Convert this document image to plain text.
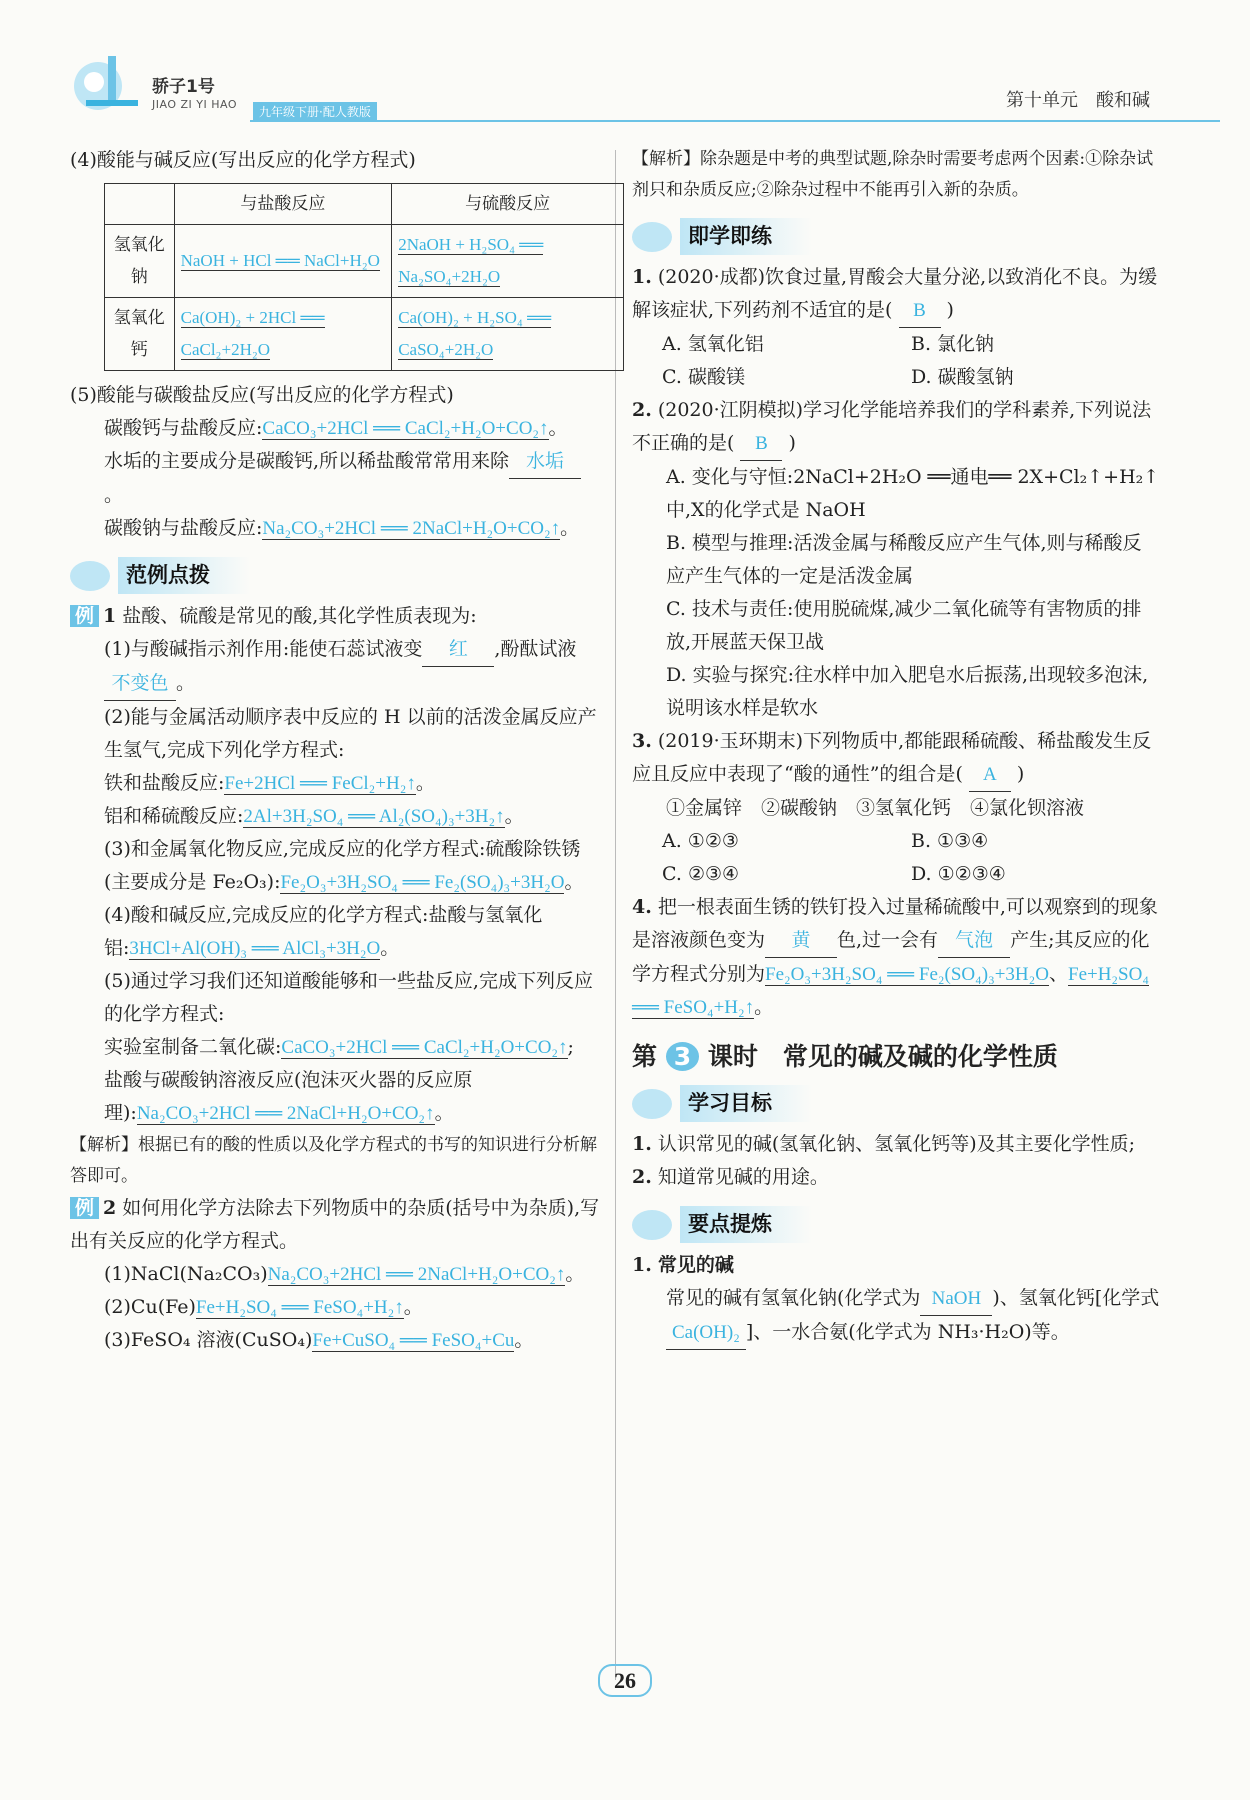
骄子1号
JIAO ZI YI HAO
九年级下册·配人教版
第十单元　酸和碱

(4)酸能与碱反应(写出反应的化学方程式)

	与盐酸反应	与硫酸反应
氢氧化钠	NaOH + HCl ══ NaCl+H₂O	2NaOH + H₂SO₄ ══ Na₂SO₄+2H₂O
氢氧化钙	Ca(OH)₂ + 2HCl ══ CaCl₂+2H₂O	Ca(OH)₂ + H₂SO₄ ══ CaSO₄+2H₂O

(5)酸能与碳酸盐反应(写出反应的化学方程式)

碳酸钙与盐酸反应:CaCO₃+2HCl ══ CaCl₂+H₂O+CO₂↑。

水垢的主要成分是碳酸钙,所以稀盐酸常常用来除 水垢。

碳酸钠与盐酸反应:Na₂CO₃+2HCl ══ 2NaCl+H₂O+CO₂↑。

范例点拨

例 1 盐酸、硫酸是常见的酸,其化学性质表现为:

(1)与酸碱指示剂作用:能使石蕊试液变 红 ,酚酞试液不变色 。

(2)能与金属活动顺序表中反应的 H 以前的活泼金属反应产生氢气,完成下列化学方程式:

铁和盐酸反应:Fe+2HCl ══ FeCl₂+H₂↑。

铝和稀硫酸反应:2Al+3H₂SO₄ ══ Al₂(SO₄)₃+3H₂↑。

(3)和金属氧化物反应,完成反应的化学方程式:硫酸除铁锈(主要成分是 Fe₂O₃):Fe₂O₃+3H₂SO₄ ══ Fe₂(SO₄)₃+3H₂O。

(4)酸和碱反应,完成反应的化学方程式:盐酸与氢氧化铝:3HCl+Al(OH)₃ ══ AlCl₃+3H₂O。

(5)通过学习我们还知道酸能够和一些盐反应,完成下列反应的化学方程式:

实验室制备二氧化碳:CaCO₃+2HCl ══ CaCl₂+H₂O+CO₂↑;

盐酸与碳酸钠溶液反应(泡沫灭火器的反应原理):Na₂CO₃+2HCl ══ 2NaCl+H₂O+CO₂↑。

【解析】根据已有的酸的性质以及化学方程式的书写的知识进行分析解答即可。

例 2 如何用化学方法除去下列物质中的杂质(括号中为杂质),写出有关反应的化学方程式。

(1)NaCl(Na₂CO₃)Na₂CO₃+2HCl ══ 2NaCl+H₂O+CO₂↑。

(2)Cu(Fe)Fe+H₂SO₄ ══ FeSO₄+H₂↑。

(3)FeSO₄ 溶液(CuSO₄)Fe+CuSO₄ ══ FeSO₄+Cu。

【解析】除杂题是中考的典型试题,除杂时需要考虑两个因素:①除杂试剂只和杂质反应;②除杂过程中不能再引入新的杂质。

即学即练

1. (2020·成都)饮食过量,胃酸会大量分泌,以致消化不良。为缓解该症状,下列药剂不适宜的是( B )

A. 氢氧化铝	B. 氯化钠
C. 碳酸镁	D. 碳酸氢钠

2. (2020·江阴模拟)学习化学能培养我们的学科素养,下列说法不正确的是( B )

A. 变化与守恒:2NaCl+2H₂O ══通电══ 2X+Cl₂↑+H₂↑ 中,X的化学式是 NaOH

B. 模型与推理:活泼金属与稀酸反应产生气体,则与稀酸反应产生气体的一定是活泼金属

C. 技术与责任:使用脱硫煤,减少二氧化硫等有害物质的排放,开展蓝天保卫战

D. 实验与探究:往水样中加入肥皂水后振荡,出现较多泡沫,说明该水样是软水

3. (2019·玉环期末)下列物质中,都能跟稀硫酸、稀盐酸发生反应且反应中表现了“酸的通性”的组合是( A )

①金属锌　②碳酸钠　③氢氧化钙　④氯化钡溶液

A. ①②③	B. ①③④
C. ②③④	D. ①②③④

4. 把一根表面生锈的铁钉投入过量稀硫酸中,可以观察到的现象是溶液颜色变为 黄 色,过一会有 气泡 产生;其反应的化学方程式分别为Fe₂O₃+3H₂SO₄ ══ Fe₂(SO₄)₃+3H₂O、Fe+H₂SO₄ ══ FeSO₄+H₂↑。

第 3 课时　常见的碱及碱的化学性质

学习目标

1. 认识常见的碱(氢氧化钠、氢氧化钙等)及其主要化学性质;

2. 知道常见碱的用途。

要点提炼

1. 常见的碱

常见的碱有氢氧化钠(化学式为 NaOH )、氢氧化钙[化学式Ca(OH)₂ ]、一水合氨(化学式为 NH₃·H₂O)等。

26
